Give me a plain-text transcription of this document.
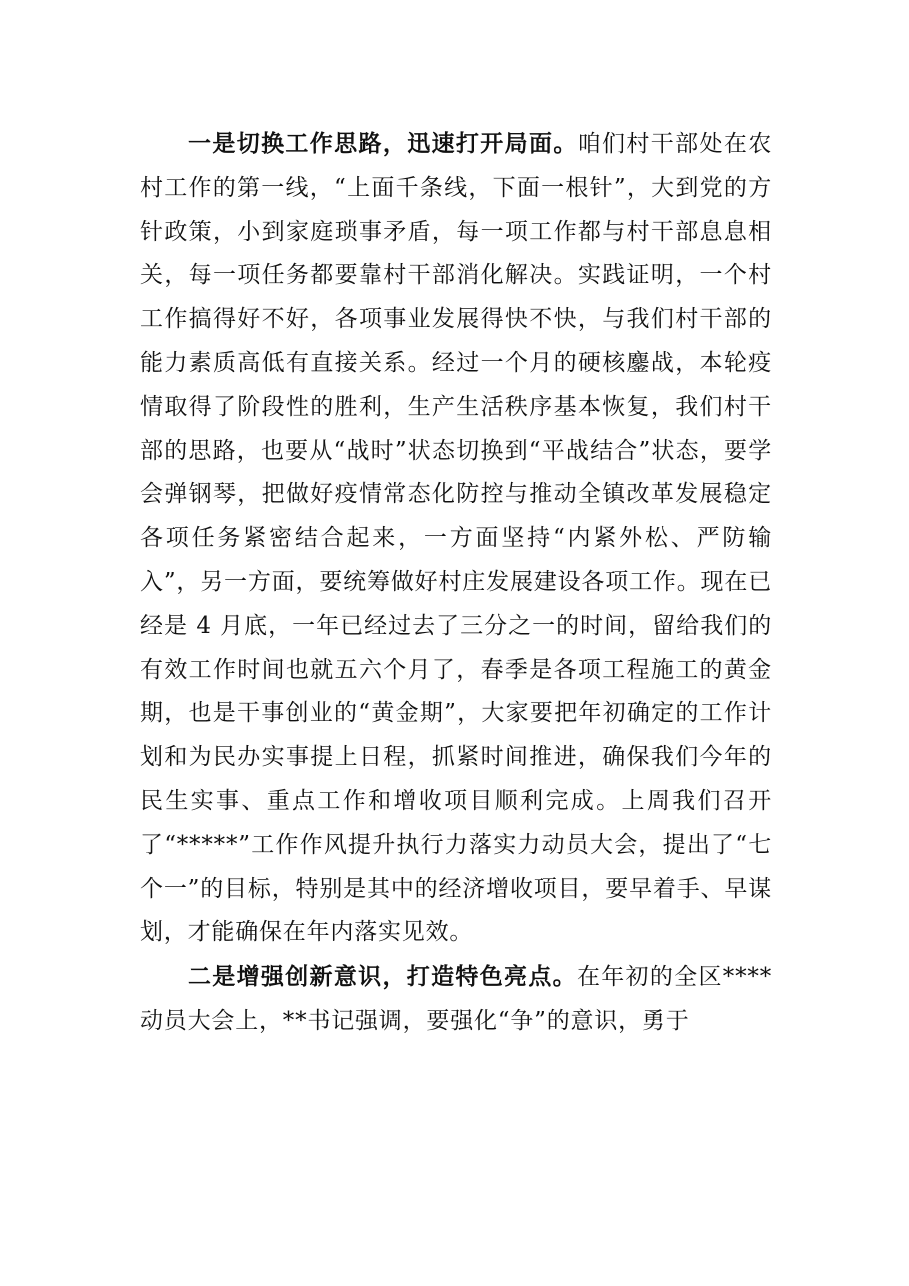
一是切换工作思路，迅速打开局面。咱们村干部处在农村工作的第一线，“上面千条线，下面一根针”，大到党的方针政策，小到家庭琐事矛盾，每一项工作都与村干部息息相关，每一项任务都要靠村干部消化解决。实践证明，一个村工作搞得好不好，各项事业发展得快不快，与我们村干部的能力素质高低有直接关系。经过一个月的硬核鏖战，本轮疫情取得了阶段性的胜利，生产生活秩序基本恢复，我们村干部的思路，也要从“战时”状态切换到“平战结合”状态，要学会弹钢琴，把做好疫情常态化防控与推动全镇改革发展稳定各项任务紧密结合起来，一方面坚持“内紧外松、严防输入”，另一方面，要统筹做好村庄发展建设各项工作。现在已经是 4 月底，一年已经过去了三分之一的时间，留给我们的有效工作时间也就五六个月了，春季是各项工程施工的黄金期，也是干事创业的“黄金期”，大家要把年初确定的工作计划和为民办实事提上日程，抓紧时间推进，确保我们今年的民生实事、重点工作和增收项目顺利完成。上周我们召开了“*****”工作作风提升执行力落实力动员大会，提出了“七个一”的目标，特别是其中的经济增收项目，要早着手、早谋划，才能确保在年内落实见效。

二是增强创新意识，打造特色亮点。在年初的全区****动员大会上，**书记强调，要强化“争”的意识，勇于
